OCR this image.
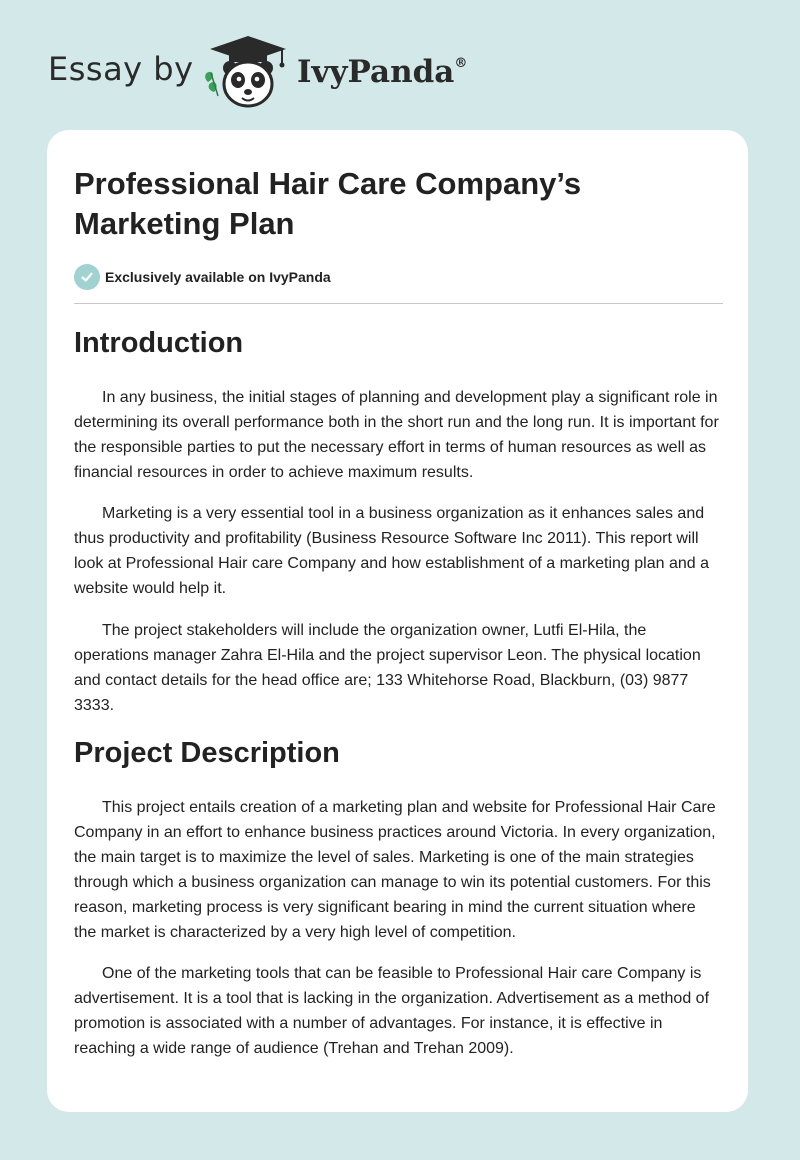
Essay by	IvyPanda®
Professional Hair Care Company’s Marketing Plan
Exclusively available on IvyPanda
Introduction

In any business, the initial stages of planning and development play a significant role in determining its overall performance both in the short run and the long run. It is important for the responsible parties to put the necessary effort in terms of human resources as well as financial resources in order to achieve maximum results.

Marketing is a very essential tool in a business organization as it enhances sales and thus productivity and profitability (Business Resource Software Inc 2011). This report will look at Professional Hair care Company and how establishment of a marketing plan and a website would help it.

The project stakeholders will include the organization owner, Lutfi El-Hila, the operations manager Zahra El-Hila and the project supervisor Leon. The physical location and contact details for the head office are; 133 Whitehorse Road, Blackburn, (03) 9877 3333.

Project Description

This project entails creation of a marketing plan and website for Professional Hair Care Company in an effort to enhance business practices around Victoria. In every organization, the main target is to maximize the level of sales. Marketing is one of the main strategies through which a business organization can manage to win its potential customers. For this reason, marketing process is very significant bearing in mind the current situation where the market is characterized by a very high level of competition.

One of the marketing tools that can be feasible to Professional Hair care Company is advertisement. It is a tool that is lacking in the organization. Advertisement as a method of promotion is associated with a number of advantages. For instance, it is effective in reaching a wide range of audience (Trehan and Trehan 2009).
